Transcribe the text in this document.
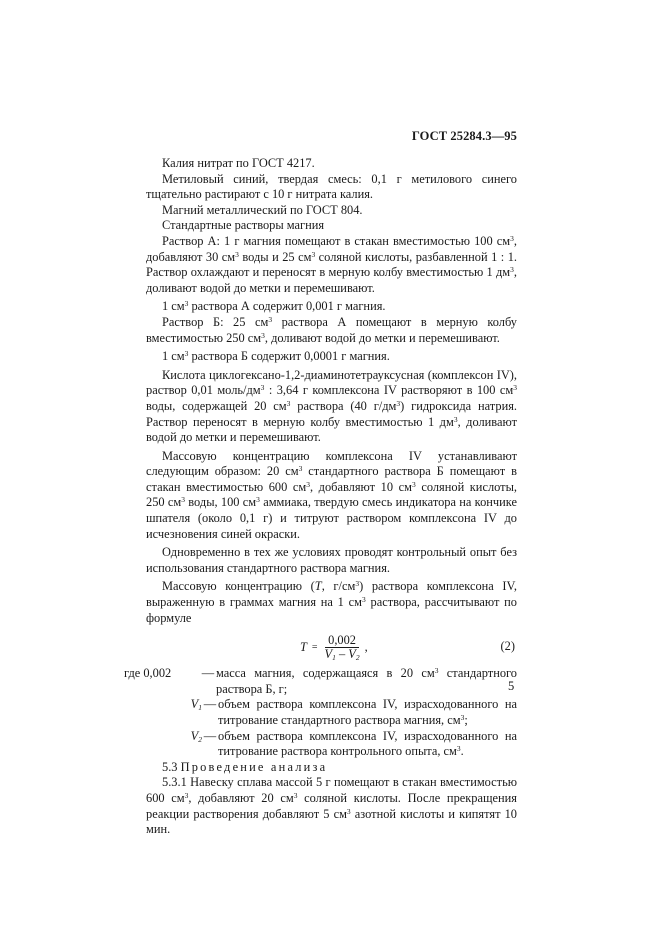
ГОСТ 25284.3—95

Калия нитрат по ГОСТ 4217.

Метиловый синий, твердая смесь: 0,1 г метилового синего тщательно растирают с 10 г нитрата калия.

Магний металлический по ГОСТ 804.

Стандартные растворы магния

Раствор А: 1 г магния помещают в стакан вместимостью 100 $см^3$, добавляют 30 $см^3$ воды и 25 $см^3$ соляной кислоты, разбавленной 1 : 1. Раствор охлаждают и переносят в мерную колбу вместимостью 1 $дм^3$, доливают водой до метки и перемешивают.

1 $см^3$ раствора А содержит 0,001 г магния.

Раствор Б: 25 $см^3$ раствора А помещают в мерную колбу вместимостью 250 $см^3$, доливают водой до метки и перемешивают.

1 $см^3$ раствора Б содержит 0,0001 г магния.

Кислота циклогексано-1,2-диаминотетрауксусная (комплексон IV), раствор 0,01 моль/$дм^3$ : 3,64 г комплексона IV растворяют в 100 $см^3$ воды, содержащей 20 $см^3$ раствора (40 $г/дм^3$) гидроксида натрия. Раствор переносят в мерную колбу вместимостью 1 $дм^3$, доливают водой до метки и перемешивают.

Массовую концентрацию комплексона IV устанавливают следующим образом: 20 $см^3$ стандартного раствора Б помещают в стакан вместимостью 600 $см^3$, добавляют 10 $см^3$ соляной кислоты, 250 $см^3$ воды, 100 $см^3$ аммиака, твердую смесь индикатора на кончике шпателя (около 0,1 г) и титруют раствором комплексона IV до исчезновения синей окраски.

Одновременно в тех же условиях проводят контрольный опыт без использования стандартного раствора магния.

Массовую концентрацию (T, $г/см^3$) раствора комплексона IV, выраженную в граммах магния на 1 $см^3$ раствора, рассчитывают по формуле

$T = \frac{0,002}{V_1 - V_2}$ ,	(2)
где 0,002	— масса магния, содержащаяся в 20 $см^3$ стандартного раствора Б, г;
$V_1$ — объем раствора комплексона IV, израсходованного на титрование стандартного раствора магния, $см^3$;
$V_2$ — объем раствора комплексона IV, израсходованного на титрование раствора контрольного опыта, $см^3$.

5.3 Проведение анализа

5.3.1 Навеску сплава массой 5 г помещают в стакан вместимостью 600 $см^3$, добавляют 20 $см^3$ соляной кислоты. После прекращения реакции растворения добавляют 5 $см^3$ азотной кислоты и кипятят 10 мин.

5
